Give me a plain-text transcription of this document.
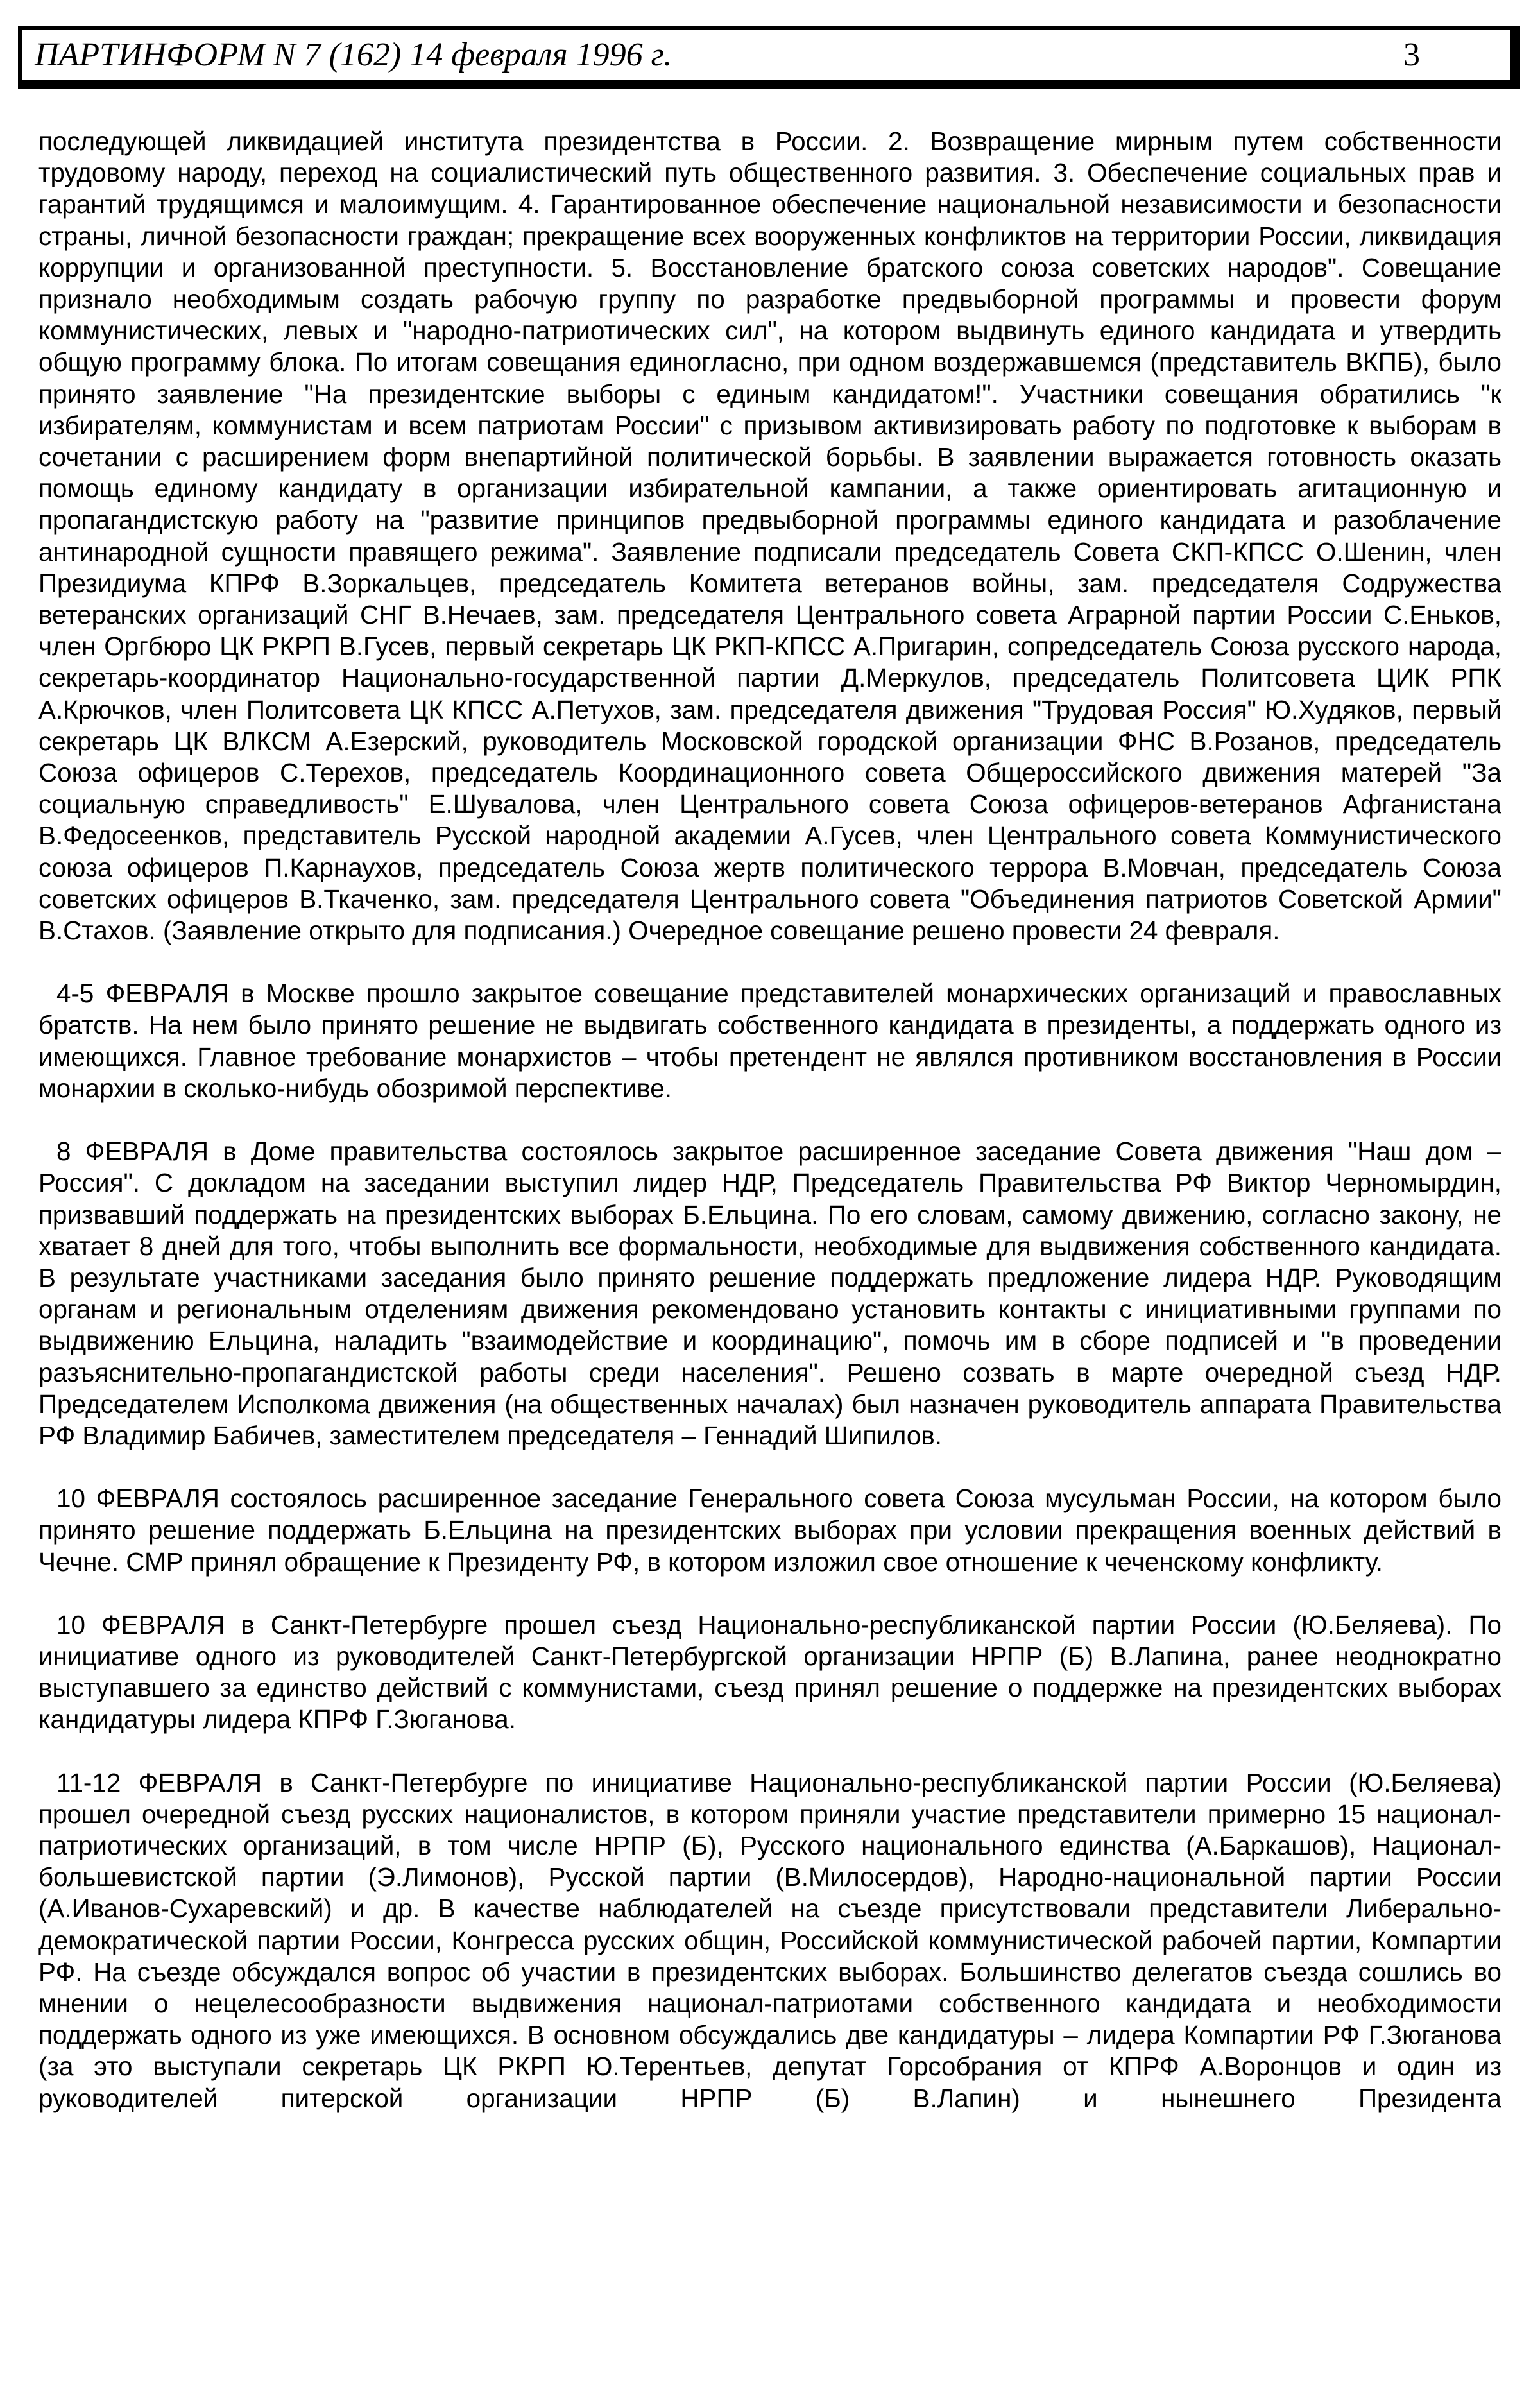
ПАРТИНФОРМ N 7 (162) 14 февраля 1996 г.	3

последующей ликвидацией института президентства в России. 2. Возвращение мирным путем собственности трудовому народу, переход на социалистический путь общественного развития. 3. Обеспечение социальных прав и гарантий трудящимся и малоимущим. 4. Гарантированное обеспечение национальной независимости и безопасности страны, личной безопасности граждан; прекращение всех вооруженных конфликтов на территории России, ликвидация коррупции и организованной преступности. 5. Восстановление братского союза советских народов". Совещание признало необходимым создать рабочую группу по разработке предвыборной программы и провести форум коммунистических, левых и "народно-патриотических сил", на котором выдвинуть единого кандидата и утвердить общую программу блока. По итогам совещания единогласно, при одном воздержавшемся (представитель ВКПБ), было принято заявление "На президентские выборы с единым кандидатом!". Участники совещания обратились "к избирателям, коммунистам и всем патриотам России" с призывом активизировать работу по подготовке к выборам в сочетании с расширением форм внепартийной политической борьбы. В заявлении выражается готовность оказать помощь единому кандидату в организации избирательной кампании, а также ориентировать агитационную и пропагандистскую работу на "развитие принципов предвыборной программы единого кандидата и разоблачение антинародной сущности правящего режима". Заявление подписали председатель Совета СКП-КПСС О.Шенин, член Президиума КПРФ В.Зоркальцев, председатель Комитета ветеранов войны, зам. председателя Содружества ветеранских организаций СНГ В.Нечаев, зам. председателя Центрального совета Аграрной партии России С.Еньков, член Оргбюро ЦК РКРП В.Гусев, первый секретарь ЦК РКП-КПСС А.Пригарин, сопредседатель Союза русского народа, секретарь-координатор Национально-государственной партии Д.Меркулов, председатель Политсовета ЦИК РПК А.Крючков, член Политсовета ЦК КПСС А.Петухов, зам. председателя движения "Трудовая Россия" Ю.Худяков, первый секретарь ЦК ВЛКСМ А.Езерский, руководитель Московской городской организации ФНС В.Розанов, председатель Союза офицеров С.Терехов, председатель Координационного совета Общероссийского движения матерей "За социальную справедливость" Е.Шувалова, член Центрального совета Союза офицеров-ветеранов Афганистана В.Федосеенков, представитель Русской народной академии А.Гусев, член Центрального совета Коммунистического союза офицеров П.Карнаухов, председатель Союза жертв политического террора В.Мовчан, председатель Союза советских офицеров В.Ткаченко, зам. председателя Центрального совета "Объединения патриотов Советской Армии" В.Стахов. (Заявление открыто для подписания.) Очередное совещание решено провести 24 февраля.

4-5 ФЕВРАЛЯ в Москве прошло закрытое совещание представителей монархических организаций и православных братств. На нем было принято решение не выдвигать собственного кандидата в президенты, а поддержать одного из имеющихся. Главное требование монархистов – чтобы претендент не являлся противником восстановления в России монархии в сколько-нибудь обозримой перспективе.

8 ФЕВРАЛЯ в Доме правительства состоялось закрытое расширенное заседание Совета движения "Наш дом – Россия". С докладом на заседании выступил лидер НДР, Председатель Правительства РФ Виктор Черномырдин, призвавший поддержать на президентских выборах Б.Ельцина. По его словам, самому движению, согласно закону, не хватает 8 дней для того, чтобы выполнить все формальности, необходимые для выдвижения собственного кандидата. В результате участниками заседания было принято решение поддержать предложение лидера НДР. Руководящим органам и региональным отделениям движения рекомендовано установить контакты с инициативными группами по выдвижению Ельцина, наладить "взаимодействие и координацию", помочь им в сборе подписей и "в проведении разъяснительно-пропагандистской работы среди населения". Решено созвать в марте очередной съезд НДР. Председателем Исполкома движения (на общественных началах) был назначен руководитель аппарата Правительства РФ Владимир Бабичев, заместителем председателя – Геннадий Шипилов.

10 ФЕВРАЛЯ состоялось расширенное заседание Генерального совета Союза мусульман России, на котором было принято решение поддержать Б.Ельцина на президентских выборах при условии прекращения военных действий в Чечне. СМР принял обращение к Президенту РФ, в котором изложил свое отношение к чеченскому конфликту.

10 ФЕВРАЛЯ в Санкт-Петербурге прошел съезд Национально-республиканской партии России (Ю.Беляева). По инициативе одного из руководителей Санкт-Петербургской организации НРПР (Б) В.Лапина, ранее неоднократно выступавшего за единство действий с коммунистами, съезд принял решение о поддержке на президентских выборах кандидатуры лидера КПРФ Г.Зюганова.

11-12 ФЕВРАЛЯ в Санкт-Петербурге по инициативе Национально-республиканской партии России (Ю.Беляева) прошел очередной съезд русских националистов, в котором приняли участие представители примерно 15 национал-патриотических организаций, в том числе НРПР (Б), Русского национального единства (А.Баркашов), Национал-большевистской партии (Э.Лимонов), Русской партии (В.Милосердов), Народно-национальной партии России (А.Иванов-Сухаревский) и др. В качестве наблюдателей на съезде присутствовали представители Либерально-демократической партии России, Конгресса русских общин, Российской коммунистической рабочей партии, Компартии РФ. На съезде обсуждался вопрос об участии в президентских выборах. Большинство делегатов съезда сошлись во мнении о нецелесообразности выдвижения национал-патриотами собственного кандидата и необходимости поддержать одного из уже имеющихся. В основном обсуждались две кандидатуры – лидера Компартии РФ Г.Зюганова (за это выступали секретарь ЦК РКРП Ю.Терентьев, депутат Горсобрания от КПРФ А.Воронцов и один из руководителей питерской организации НРПР (Б) В.Лапин) и нынешнего Президента
